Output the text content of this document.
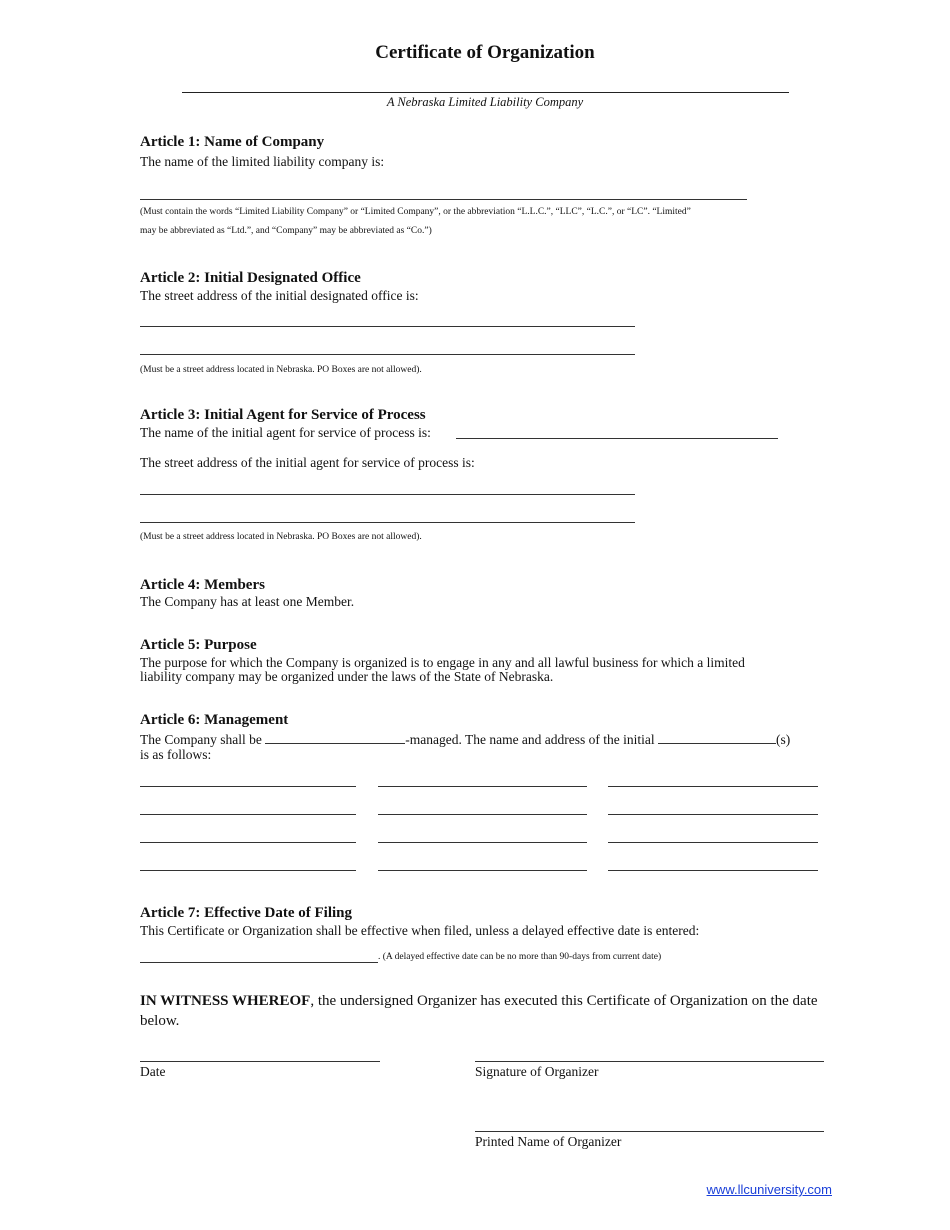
Certificate of Organization
A Nebraska Limited Liability Company
Article 1: Name of Company
The name of the limited liability company is:
(Must contain the words “Limited Liability Company” or “Limited Company”, or the abbreviation “L.L.C.”, “LLC”, “L.C.”, or “LC”. “Limited”
may be abbreviated as “Ltd.”, and “Company” may be abbreviated as “Co.”)
Article 2: Initial Designated Office
The street address of the initial designated office is:
(Must be a street address located in Nebraska. PO Boxes are not allowed).
Article 3: Initial Agent for Service of Process
The name of the initial agent for service of process is:
The street address of the initial agent for service of process is:
(Must be a street address located in Nebraska. PO Boxes are not allowed).
Article 4: Members
The Company has at least one Member.
Article 5: Purpose
The purpose for which the Company is organized is to engage in any and all lawful business for which a limited
liability company may be organized under the laws of the State of Nebraska.
Article 6: Management
The Company shall be	-managed. The name and address of the initial	(s)
is as follows:
Article 7: Effective Date of Filing
This Certificate or Organization shall be effective when filed, unless a delayed effective date is entered:
. (A delayed effective date can be no more than 90-days from current date)
IN WITNESS WHEREOF, the undersigned Organizer has executed this Certificate of Organization on the date below.
Date	Signature of Organizer
Printed Name of Organizer
www.llcuniversity.com
